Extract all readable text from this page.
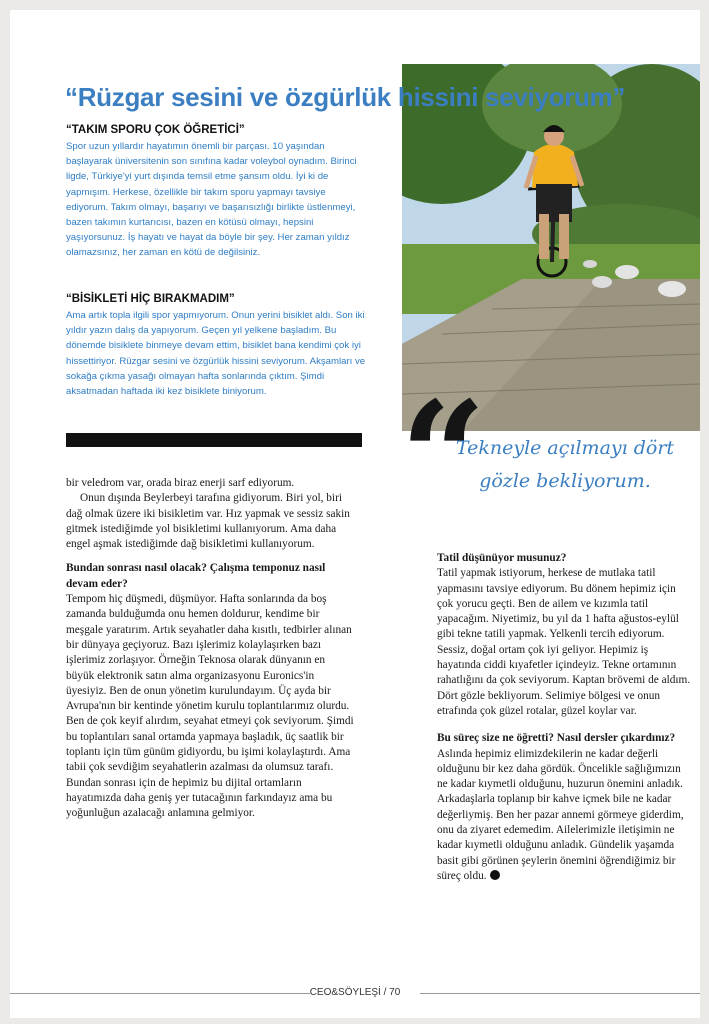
“Rüzgar sesini ve özgürlük hissini seviyorum”
“TAKIM SPORU ÇOK ÖĞRETİCİ”

Spor uzun yıllardır hayatımın önemli bir parçası. 10 yaşından başlayarak üniversitenin son sınıfına kadar voleybol oynadım. Birinci ligde, Türkiye'yi yurt dışında temsil etme şansım oldu. İyi ki de yapmışım. Herkese, özellikle bir takım sporu yapmayı tavsiye ediyorum. Takım olmayı, başarıyı ve başarısızlığı birlikte üstlenmeyi, bazen takımın kurtarıcısı, bazen en kötüsü olmayı, hepsini yaşıyorsunuz. İş hayatı ve hayat da böyle bir şey. Her zaman yıldız olamazsınız, her zaman en kötü de değilsiniz.

“BİSİKLETİ HİÇ BIRAKMADIM”

Ama artık topla ilgili spor yapmıyorum. Onun yerini bisiklet aldı. Son iki yıldır yazın dalış da yapıyorum. Geçen yıl yelkene başladım. Bu dönemde bisiklete binmeye devam ettim, bisiklet bana kendimi çok iyi hissettiriyor. Rüzgar sesini ve özgürlük hissini seviyorum. Akşamları ve sokağa çıkma yasağı olmayan hafta sonlarında çıktım. Şimdi aksatmadan haftada iki kez bisiklete biniyorum. “
Tekneyle açılmayı dört gözle bekliyorum.

bir veledrom var, orada biraz enerji sarf ediyorum.

Onun dışında Beylerbeyi tarafına gidiyorum. Biri yol, biri dağ olmak üzere iki bisikletim var. Hız yapmak ve sessiz sakin gitmek istediğimde yol bisikletimi kullanıyorum. Ama daha engel aşmak istediğimde dağ bisikletimi kullanıyorum.

Bundan sonrası nasıl olacak? Çalışma temponuz nasıl devam eder?

Tempom hiç düşmedi, düşmüyor. Hafta sonlarında da boş zamanda bulduğumda onu hemen doldurur, kendime bir meşgale yaratırım. Artık seyahatler daha kısıtlı, tedbirler alınan bir dünyaya geçiyoruz. Bazı işlerimiz kolaylaşırken bazı işlerimiz zorlaşıyor. Örneğin Teknosa olarak dünyanın en büyük elektronik satın alma organizasyonu Euronics'in üyesiyiz. Ben de onun yönetim kurulundayım. Üç ayda bir Avrupa'nın bir kentinde yönetim kurulu toplantılarımız olurdu. Ben de çok keyif alırdım, seyahat etmeyi çok seviyorum. Şimdi bu toplantıları sanal ortamda yapmaya başladık, üç saatlik bir toplantı için tüm günüm gidiyordu, bu işimi kolaylaştırdı. Ama tabii çok sevdiğim seyahatlerin azalması da olumsuz tarafı. Bundan sonrası için de hepimiz bu dijital ortamların hayatımızda daha geniş yer tutacağının farkındayız ama bu yoğunluğun azalacağı anlamına gelmiyor.

Tatil düşünüyor musunuz?

Tatil yapmak istiyorum, herkese de mutlaka tatil yapmasını tavsiye ediyorum. Bu dönem hepimiz için çok yorucu geçti. Ben de ailem ve kızımla tatil yapacağım. Niyetimiz, bu yıl da 1 hafta ağustos-eylül gibi tekne tatili yapmak. Yelkenli tercih ediyorum. Sessiz, doğal ortam çok iyi geliyor. Hepimiz iş hayatında ciddi kıyafetler içindeyiz. Tekne ortamının rahatlığını da çok seviyorum. Kaptan brövemi de aldım. Dört gözle bekliyorum. Selimiye bölgesi ve onun etrafında çok güzel rotalar, güzel koylar var.

Bu süreç size ne öğretti? Nasıl dersler çıkardınız?

Aslında hepimiz elimizdekilerin ne kadar değerli olduğunu bir kez daha gördük. Öncelikle sağlığımızın ne kadar kıymetli olduğunu, huzurun önemini anladık. Arkadaşlarla toplanıp bir kahve içmek bile ne kadar değerliymiş. Ben her pazar annemi görmeye giderdim, onu da ziyaret edemedim. Ailelerimizle iletişimin ne kadar kıymetli olduğunu anladık. Gündelik yaşamda basit gibi görünen şeylerin önemini öğrendiğimiz bir süreç oldu.

CEO&SÖYLEŞİ / 70
